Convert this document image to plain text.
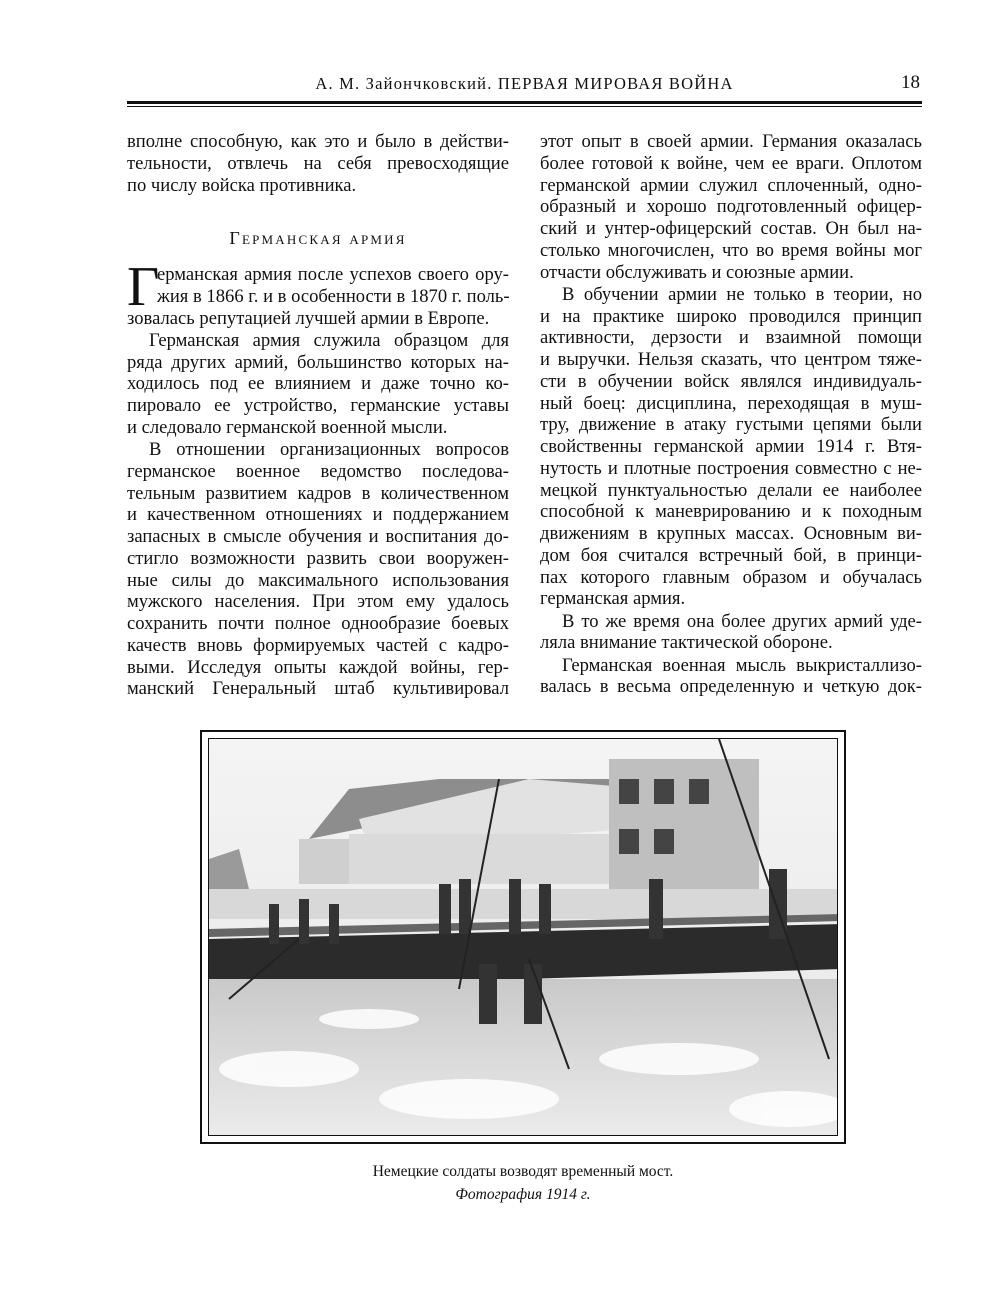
А. М. Зайончковский. ПЕРВАЯ МИРОВАЯ ВОЙНА	18
вполне способную, как это и было в действи-
тельности, отвлечь на себя превосходящие
по числу войска противника.
Германская армия
Г
ерманская армия после успехов своего ору-
жия в 1866 г. и в особенности в 1870 г. поль-
зовалась репутацией лучшей армии в Европе.
Германская армия служила образцом для
ряда других армий, большинство которых на-
ходилось под ее влиянием и даже точно ко-
пировало ее устройство, германские уставы
и следовало германской военной мысли.
В отношении организационных вопросов
германское военное ведомство последова-
тельным развитием кадров в количественном
и качественном отношениях и поддержанием
запасных в смысле обучения и воспитания до-
стигло возможности развить свои вооружен-
ные силы до максимального использования
мужского населения. При этом ему удалось
сохранить почти полное однообразие боевых
качеств вновь формируемых частей с кадро-
выми. Исследуя опыты каждой войны, гер-
манский Генеральный штаб культивировал
этот опыт в своей армии. Германия оказалась
более готовой к войне, чем ее враги. Оплотом
германской армии служил сплоченный, одно-
образный и хорошо подготовленный офицер-
ский и унтер-офицерский состав. Он был на-
столько многочислен, что во время войны мог
отчасти обслуживать и союзные армии.
В обучении армии не только в теории, но
и на практике широко проводился принцип
активности, дерзости и взаимной помощи
и выручки. Нельзя сказать, что центром тяже-
сти в обучении войск являлся индивидуаль-
ный боец: дисциплина, переходящая в муш-
тру, движение в атаку густыми цепями были
свойственны германской армии 1914 г. Втя-
нутость и плотные построения совместно с не-
мецкой пунктуальностью делали ее наиболее
способной к маневрированию и к походным
движениям в крупных массах. Основным ви-
дом боя считался встречный бой, в принци-
пах которого главным образом и обучалась
германская армия.
В то же время она более других армий уде-
ляла внимание тактической обороне.
Германская военная мысль выкристаллизо-
валась в весьма определенную и четкую док-
Немецкие солдаты возводят временный мост.
Фотография 1914 г.
